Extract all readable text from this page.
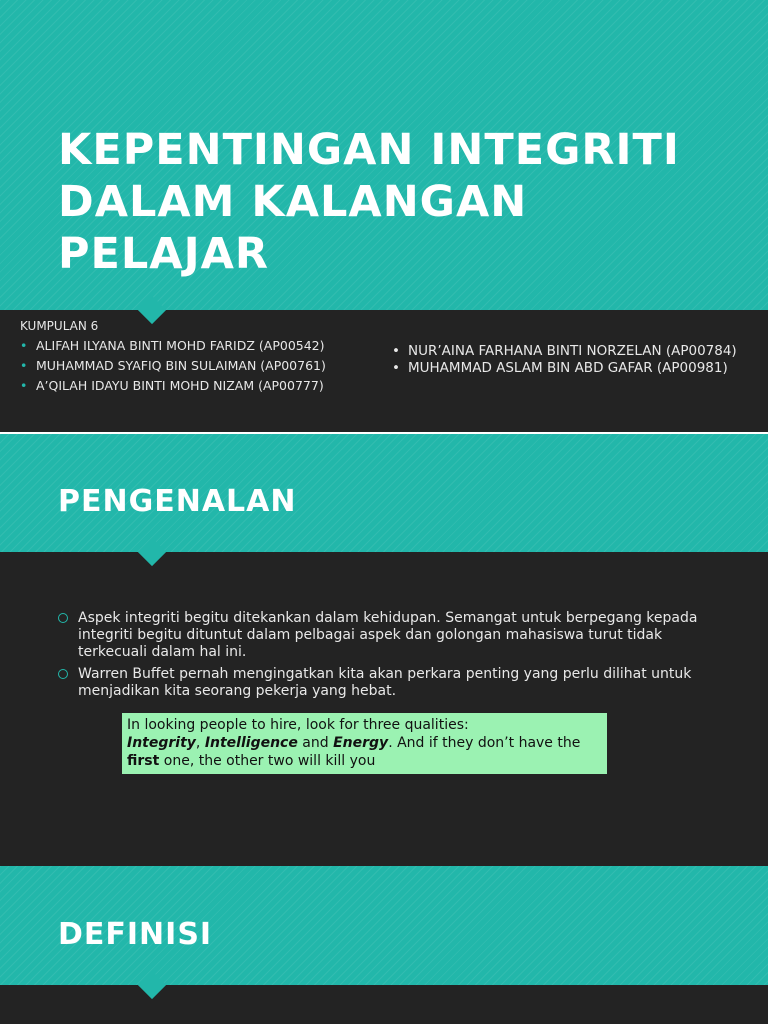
KEPENTINGAN INTEGRITI
DALAM KALANGAN
PELAJAR
KUMPULAN 6
• ALIFAH ILYANA BINTI MOHD FARIDZ (AP00542)
• MUHAMMAD SYAFIQ BIN SULAIMAN (AP00761)
• A’QILAH IDAYU BINTI MOHD NIZAM (AP00777)
• NUR’AINA FARHANA BINTI NORZELAN (AP00784)
• MUHAMMAD ASLAM BIN ABD GAFAR (AP00981)
PENGENALAN
Aspek integriti begitu ditekankan dalam kehidupan. Semangat untuk berpegang kepada integriti begitu dituntut dalam pelbagai aspek dan golongan mahasiswa turut tidak terkecuali dalam hal ini.
Warren Buffet pernah mengingatkan kita akan perkara penting yang perlu dilihat untuk menjadikan kita seorang pekerja yang hebat.
In looking people to hire, look for three qualities:
Integrity, Intelligence and Energy. And if they don’t have the first one, the other two will kill you
DEFINISI
